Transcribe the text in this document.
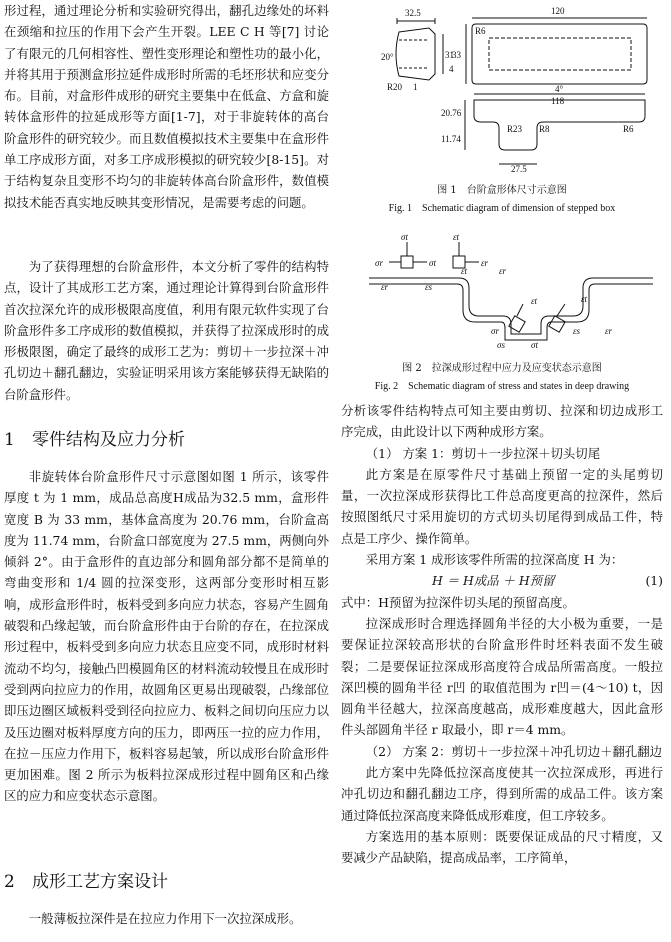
形过程，通过理论分析和实验研究得出，翻孔边缘处的坏料在颈缩和拉压的作用下会产生开裂。LEE C H 等[7] 讨论了有限元的几何相容性、塑性变形理论和塑性功的最小化，并将其用于预测盒形拉延件成形时所需的毛坯形状和应变分布。目前，对盒形件成形的研究主要集中在低盒、方盒和旋转体盒形件的拉延成形等方面[1-7]，对于非旋转体的高台阶盒形件的研究较少。而且数值模拟技术主要集中在盒形件单工序成形方面，对多工序成形模拟的研究较少[8-15]。对于结构复杂且变形不均匀的非旋转体高台阶盒形件，数值模拟技术能否真实地反映其变形情况，是需要考虑的问题。

为了获得理想的台阶盒形件，本文分析了零件的结构特点，设计了其成形工艺方案，通过理论计算得到台阶盒形件首次拉深允许的成形极限高度值，利用有限元软件实现了台阶盒形件多工序成形的数值模拟，并获得了拉深成形时的成形极限图，确定了最终的成形工艺为：剪切＋一步拉深＋冲孔切边＋翻孔翻边，实验证明采用该方案能够获得无缺陷的台阶盒形件。

1 零件结构及应力分析

非旋转体台阶盒形件尺寸示意图如图 1 所示，该零件厚度 t 为 1 mm，成品总高度H成品为32.5 mm，盒形件宽度 B 为 33 mm，基体盒高度为 20.76 mm，台阶盒高度为 11.74 mm，台阶盒口部宽度为 27.5 mm，两侧向外倾斜 2°。由于盒形件的直边部分和圆角部分都不是简单的弯曲变形和 1/4 圆的拉深变形，这两部分变形时相互影响，成形盒形件时，板料受到多向应力状态，容易产生圆角破裂和凸缘起皱，而台阶盒形件由于台阶的存在，在拉深成形过程中，板料受到多向应力状态且应变不同，成形时材料流动不均匀，接触凸凹模圆角区的材料流动较慢且在成形时受到两向拉应力的作用，故圆角区更易出现破裂，凸缘部位即压边圈区域板料受到径向拉应力、板料之间切向压应力以及压边圈对板料厚度方向的压力，即两压一拉的应力作用，在拉－压应力作用下，板料容易起皱，所以成形台阶盒形件更加困难。图 2 所示为板料拉深成形过程中圆角区和凸缘区的应力和应变状态示意图。

2 成形工艺方案设计

一般薄板拉深件是在拉应力作用下一次拉深成形。

32.5
20°	31
4
R20 1
120
R6
33
4°
118
20.76
R6
R23 R8
11.74
27.5

图 1　台阶盒形体尺寸示意图

Fig. 1　Schematic diagram of dimension of stepped box

σt
σr
εt
εr
σt
εr
εt
εr	εs
εt
σr
σs	σt
εs
εt
εr

图 2　拉深成形过程中应力及应变状态示意图

Fig. 2　Schematic diagram of stress and states in deep drawing

分析该零件结构特点可知主要由剪切、拉深和切边成形工序完成，由此设计以下两种成形方案。

（1） 方案 1：剪切＋一步拉深＋切头切尾

此方案是在原零件尺寸基础上预留一定的头尾剪切量，一次拉深成形获得比工件总高度更高的拉深件，然后按照图纸尺寸采用旋切的方式切头切尾得到成品工件，特点是工序少、操作简单。

采用方案 1 成形该零件所需的拉深高度 H 为：

H ＝ H成品 ＋ H预留	(1)

式中：H预留为拉深件切头尾的预留高度。

拉深成形时合理选择圆角半径的大小极为重要，一是要保证拉深较高形状的台阶盒形件时坯料表面不发生破裂；二是要保证拉深成形高度符合成品所需高度。一般拉深凹模的圆角半径 r凹 的取值范围为 r凹＝(4～10) t，因圆角半径越大，拉深高度越高，成形难度越大，因此盒形件头部圆角半径 r 取最小，即 r＝4 mm。

（2） 方案 2：剪切＋一步拉深＋冲孔切边＋翻孔翻边

此方案中先降低拉深高度使其一次拉深成形，再进行冲孔切边和翻孔翻边工序，得到所需的成品工件。该方案通过降低拉深高度来降低成形难度，但工序较多。

方案选用的基本原则：既要保证成品的尺寸精度，又要减少产品缺陷，提高成品率，工序简单，
